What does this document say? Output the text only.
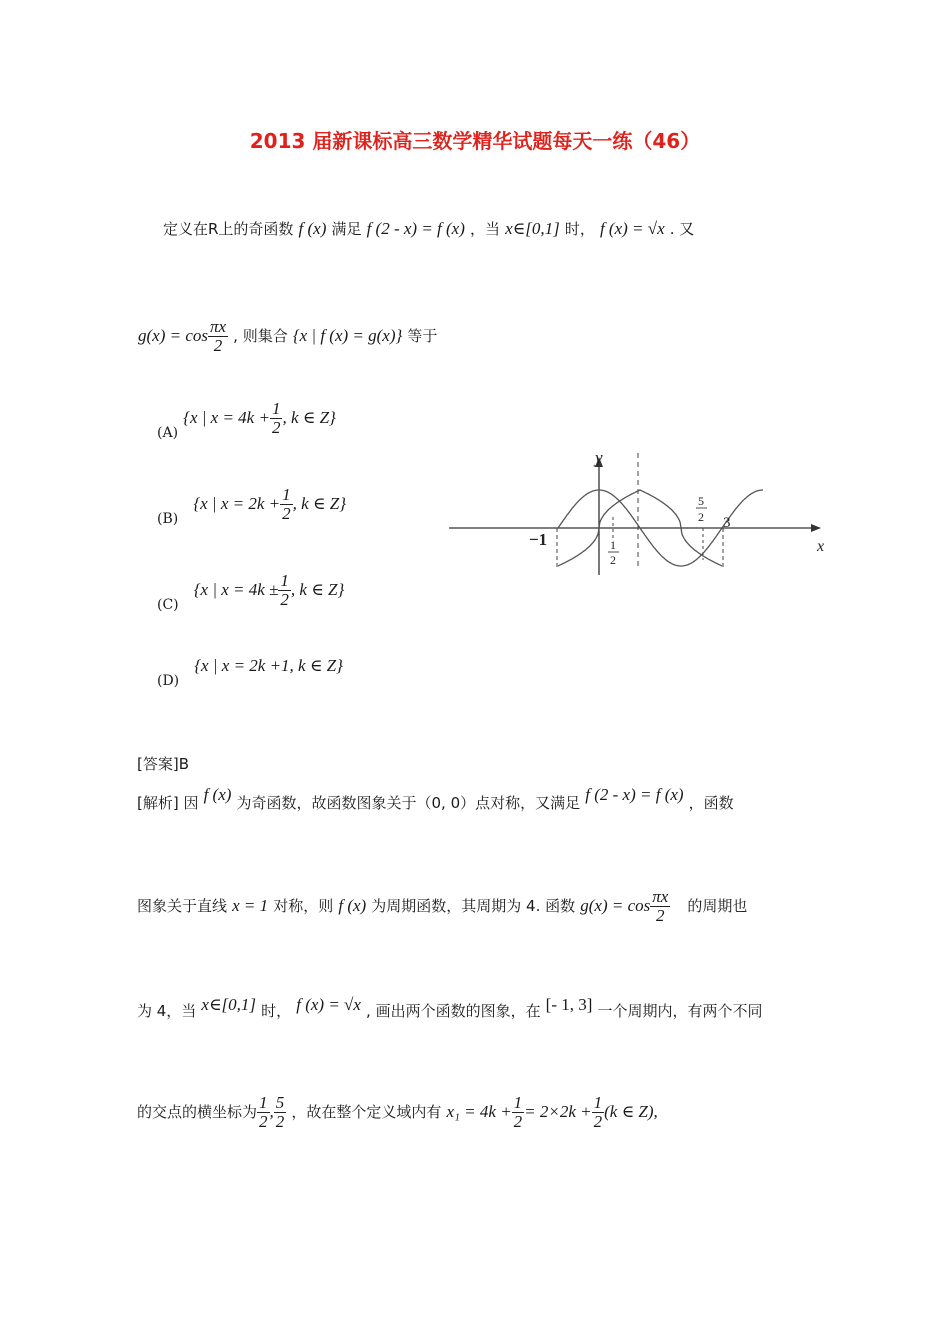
2013 届新课标高三数学精华试题每天一练（46）
定义在R上的奇函数 f (x) 满足 f (2 - x) = f (x) ，当 x∈[0,1] 时， f (x) = √x . 又
$g(x) = \cos \frac{\pi x}{2}$ , 则集合 {x | f (x) = g(x)} 等于
(A) {x | $x = 4k + \frac{1}{2}$ , k ∈ Z}
(B) {x | $x = 2k + \frac{1}{2}$ , k ∈ Z}
(C) {x | $x = 4k \pm \frac{1}{2}$ , k ∈ Z}
(D) {x | x = 2k +1, k ∈ Z}
y
x
−1	1
2
5
2 3
[答案]B
[解析] 因 f (x) 为奇函数，故函数图象关于（0, 0）点对称，又满足 f (2 - x) = f (x) ，函数
图象关于直线 x = 1 对称，则 f (x) 为周期函数，其周期为 4. 函数 $g(x) = \cos \frac{\pi x}{2}$ 的周期也
为 4，当 x∈[0,1] 时， f (x) = √x , 画出两个函数的图象，在 [- 1, 3] 一个周期内，有两个不同
的交点的横坐标为 $\frac{1}{2}$ , $\frac{5}{2}$ ，故在整个定义域内有 $x_1 = 4k + \frac{1}{2} = 2\times 2k + \frac{1}{2} (k$ ∈ Z),
